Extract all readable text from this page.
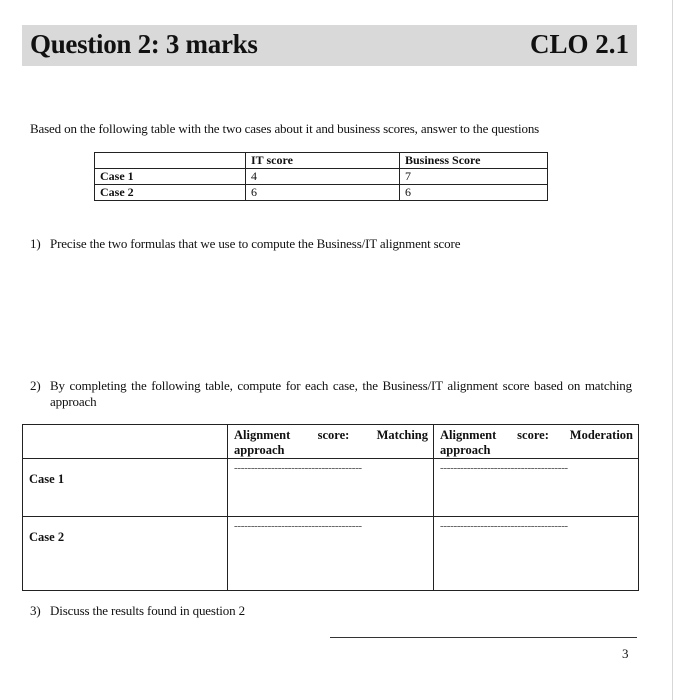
Question 2: 3 marks	CLO 2.1
Based on the following table with the two cases about it and business scores, answer to the questions
	IT score	Business Score
Case 1	4	7
Case 2	6	6
1) Precise the two formulas that we use to compute the Business/IT alignment score
2) By completing the following table, compute for each case, the Business/IT alignment score based on matching approach
	Alignment score: Matching approach	Alignment score: Moderation approach
Case 1	--------------------------------------	--------------------------------------
Case 2	--------------------------------------	--------------------------------------
3) Discuss the results found in question 2
3
